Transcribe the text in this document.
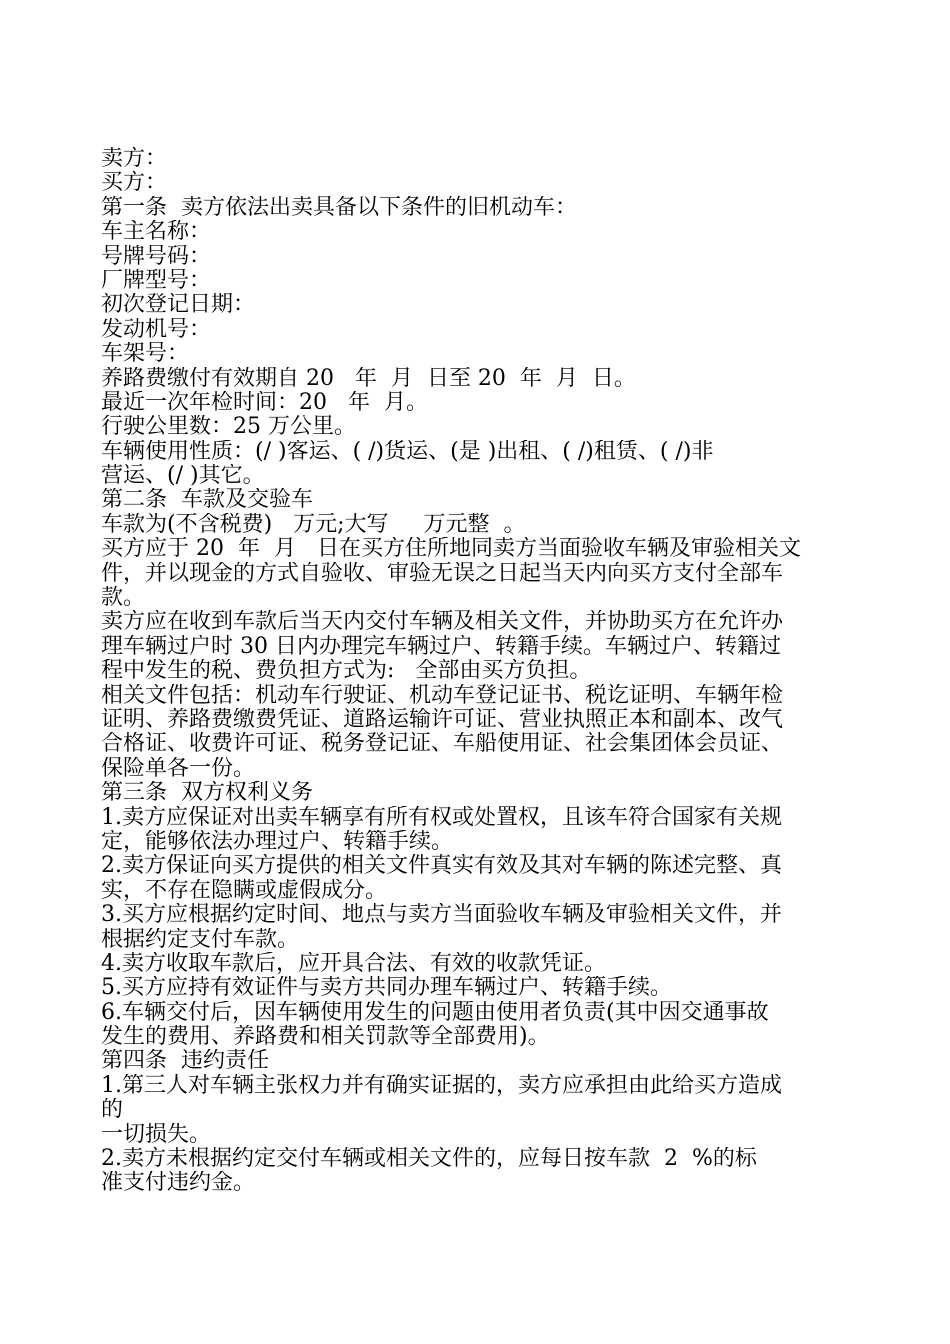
卖方：
买方：
第一条  卖方依法出卖具备以下条件的旧机动车：
车主名称：
号牌号码：
厂牌型号：
初次登记日期：
发动机号：
车架号：
养路费缴付有效期自 20   年  月  日至 20  年  月  日。
最近一次年检时间：20   年  月。
行驶公里数：25 万公里。
车辆使用性质：(/ )客运、( /)货运、(是 )出租、( /)租赁、( /)非
营运、(/ )其它。
第二条  车款及交验车
车款为(不含税费)   万元;大写     万元整  。
买方应于 20  年  月   日在买方住所地同卖方当面验收车辆及审验相关文
件，并以现金的方式自验收、审验无误之日起当天内向买方支付全部车
款。
卖方应在收到车款后当天内交付车辆及相关文件，并协助买方在允许办
理车辆过户时 30 日内办理完车辆过户、转籍手续。车辆过户、转籍过
程中发生的税、费负担方式为:   全部由买方负担。
相关文件包括：机动车行驶证、机动车登记证书、税讫证明、车辆年检
证明、养路费缴费凭证、道路运输许可证、营业执照正本和副本、改气
合格证、收费许可证、税务登记证、车船使用证、社会集团体会员证、
保险单各一份。
第三条  双方权利义务
1.卖方应保证对出卖车辆享有所有权或处置权，且该车符合国家有关规
定，能够依法办理过户、转籍手续。
2.卖方保证向买方提供的相关文件真实有效及其对车辆的陈述完整、真
实，不存在隐瞒或虚假成分。
3.买方应根据约定时间、地点与卖方当面验收车辆及审验相关文件，并
根据约定支付车款。
4.卖方收取车款后，应开具合法、有效的收款凭证。
5.买方应持有效证件与卖方共同办理车辆过户、转籍手续。
6.车辆交付后，因车辆使用发生的问题由使用者负责(其中因交通事故
发生的费用、养路费和相关罚款等全部费用)。
第四条  违约责任
1.第三人对车辆主张权力并有确实证据的，卖方应承担由此给买方造成
的
一切损失。
2.卖方未根据约定交付车辆或相关文件的，应每日按车款  2  %的标
准支付违约金。
